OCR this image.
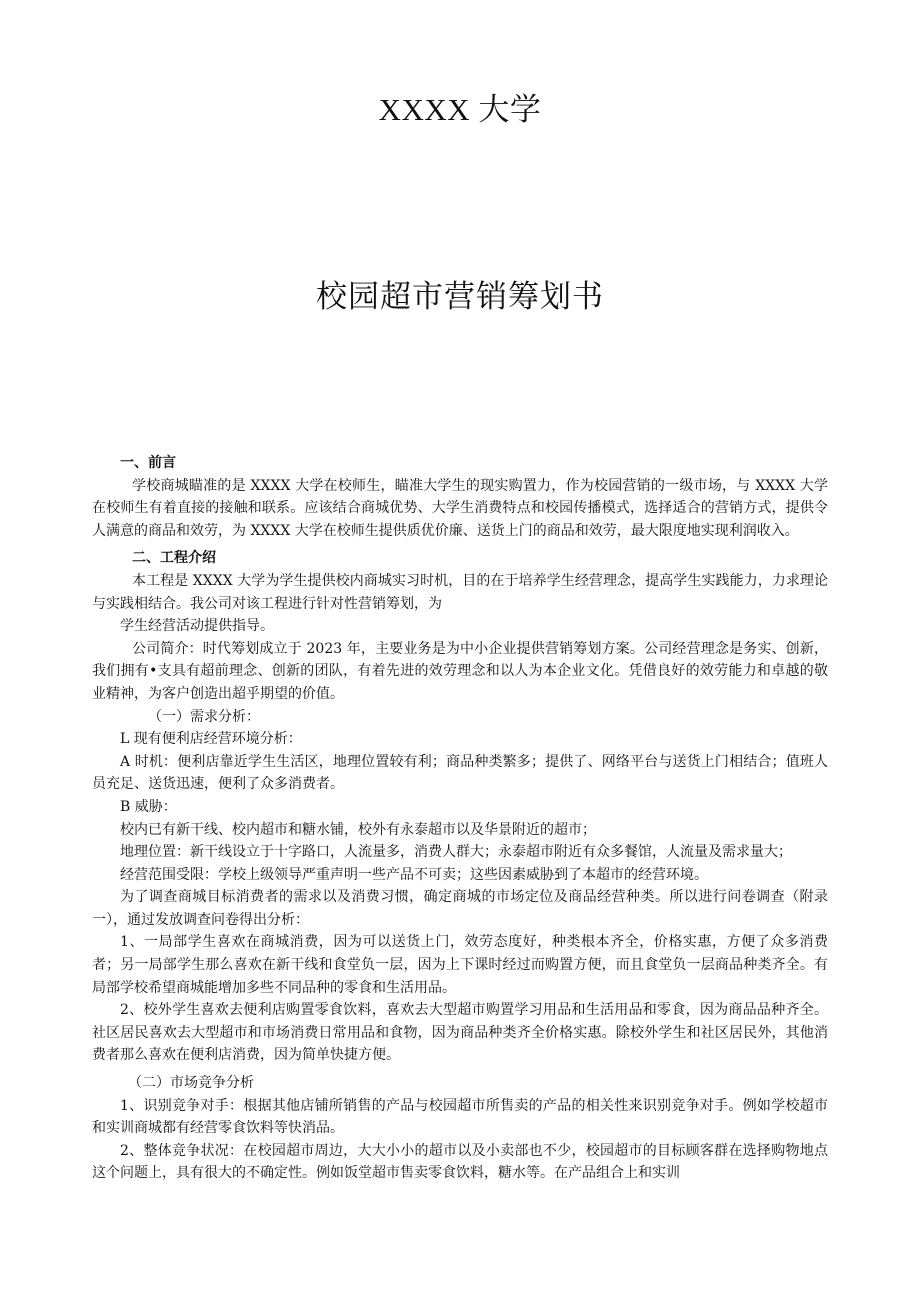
XXXX 大学
校园超市营销筹划书

一、前言

学校商城瞄准的是 XXXX 大学在校师生，瞄准大学生的现实购置力，作为校园营销的一级市场，与 XXXX 大学在校师生有着直接的接触和联系。应该结合商城优势、大学生消费特点和校园传播模式，选择适合的营销方式，提供令人满意的商品和效劳，为 XXXX 大学在校师生提供质优价廉、送货上门的商品和效劳，最大限度地实现利润收入。

二、工程介绍

本工程是 XXXX 大学为学生提供校内商城实习时机，目的在于培养学生经营理念，提高学生实践能力，力求理论与实践相结合。我公司对该工程进行针对性营销筹划，为

学生经营活动提供指导。

公司简介：时代筹划成立于 2023 年，主要业务是为中小企业提供营销筹划方案。公司经营理念是务实、创新，我们拥有•支具有超前理念、创新的团队，有着先进的效劳理念和以人为本企业文化。凭借良好的效劳能力和卓越的敬业精神，为客户创造出超乎期望的价值。

（一）需求分析：

L 现有便利店经营环境分析：

A 时机：便利店靠近学生生活区，地理位置较有利；商品种类繁多；提供了、网络平台与送货上门相结合；值班人员充足、送货迅速，便利了众多消费者。

B 威胁：

校内已有新干线、校内超市和糖水铺，校外有永泰超市以及华景附近的超市；

地理位置：新干线设立于十字路口，人流量多，消费人群大；永泰超市附近有众多餐馆，人流量及需求量大；

经营范围受限：学校上级领导严重声明一些产品不可卖；这些因素威胁到了本超市的经营环境。

为了调查商城目标消费者的需求以及消费习惯，确定商城的市场定位及商品经营种类。所以进行问卷调查（附录一），通过发放调查问卷得出分析：

1、一局部学生喜欢在商城消费，因为可以送货上门，效劳态度好，种类根本齐全，价格实惠，方便了众多消费者；另一局部学生那么喜欢在新干线和食堂负一层，因为上下课时经过而购置方便，而且食堂负一层商品种类齐全。有局部学校希望商城能增加多些不同品种的零食和生活用品。

2、校外学生喜欢去便利店购置零食饮料，喜欢去大型超市购置学习用品和生活用品和零食，因为商品品种齐全。社区居民喜欢去大型超市和市场消费日常用品和食物，因为商品种类齐全价格实惠。除校外学生和社区居民外，其他消费者那么喜欢在便利店消费，因为简单快捷方便。

（二）市场竞争分析

1、识别竞争对手：根据其他店铺所销售的产品与校园超市所售卖的产品的相关性来识别竞争对手。例如学校超市和实训商城都有经营零食饮料等快消品。

2、整体竞争状况：在校园超市周边，大大小小的超市以及小卖部也不少，校园超市的目标顾客群在选择购物地点这个问题上，具有很大的不确定性。例如饭堂超市售卖零食饮料，糖水等。在产品组合上和实训
